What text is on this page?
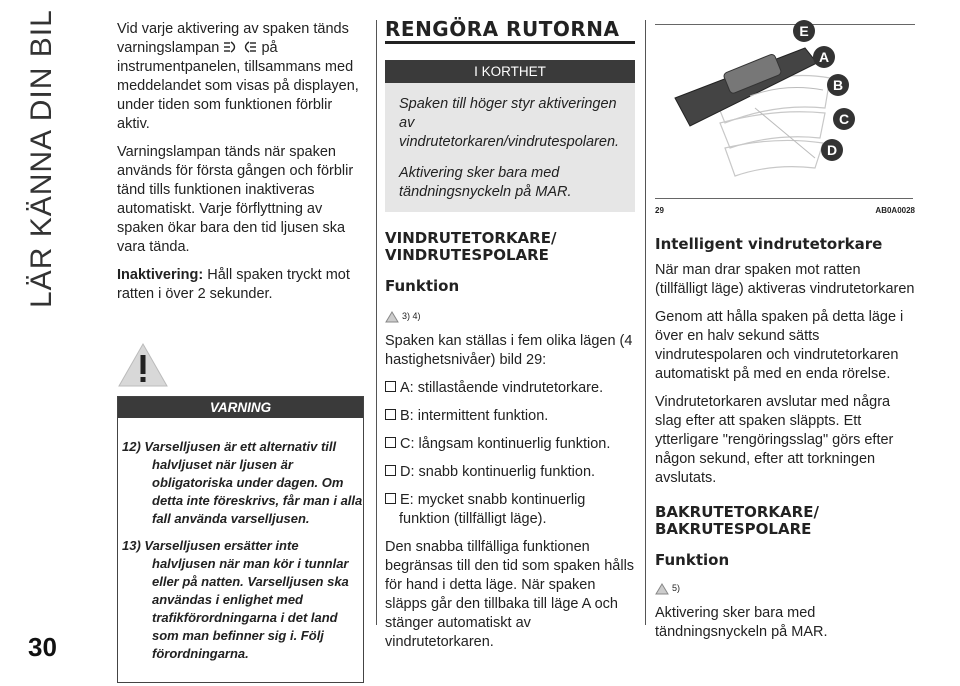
LÄR KÄNNA DIN BIL
30

Vid varje aktivering av spaken tänds varningslampan	på instrumentpanelen, tillsammans med meddelandet som visas på displayen, under tiden som funktionen förblir aktiv.

Varningslampan tänds när spaken används för första gången och förblir tänd tills funktionen inaktiveras automatiskt. Varje förflyttning av spaken ökar bara den tid ljusen ska vara tända.

Inaktivering: Håll spaken tryckt mot ratten i över 2 sekunder.

VARNING

12) Varselljusen är ett alternativ till halvljuset när ljusen är obligatoriska under dagen. Om detta inte föreskrivs, får man i alla fall använda varselljusen.

13) Varselljusen ersätter inte halvljusen när man kör i tunnlar eller på natten. Varselljusen ska användas i enlighet med trafikförordningarna i det land som man befinner sig i. Följ förordningarna.

RENGÖRA RUTORNA
I KORTHET

Spaken till höger styr aktiveringen av vindrutetorkaren/vindrutespolaren.

Aktivering sker bara med tändningsnyckeln på MAR.

VINDRUTETORKARE/ VINDRUTESPOLARE
Funktion
3) 4)

Spaken kan ställas i fem olika lägen (4 hastighetsnivåer) bild 29:

A: stillastående vindrutetorkare.

B: intermittent funktion.

C: långsam kontinuerlig funktion.

D: snabb kontinuerlig funktion.

E: mycket snabb kontinuerlig funktion (tillfälligt läge).

Den snabba tillfälliga funktionen begränsas till den tid som spaken hålls för hand i detta läge. När spaken släpps går den tillbaka till läge A och stänger automatiskt av vindrutetorkaren.

E
A
B
C
D
29	AB0A0028
Intelligent vindrutetorkare

När man drar spaken mot ratten (tillfälligt läge) aktiveras vindrutetorkaren

Genom att hålla spaken på detta läge i över en halv sekund sätts vindrutespolaren och vindrutetorkaren automatiskt på med en enda rörelse.

Vindrutetorkaren avslutar med några slag efter att spaken släppts. Ett ytterligare "rengöringsslag" görs efter någon sekund, efter att torkningen avslutats.

BAKRUTETORKARE/ BAKRUTESPOLARE
Funktion
5)

Aktivering sker bara med tändningsnyckeln på MAR.
